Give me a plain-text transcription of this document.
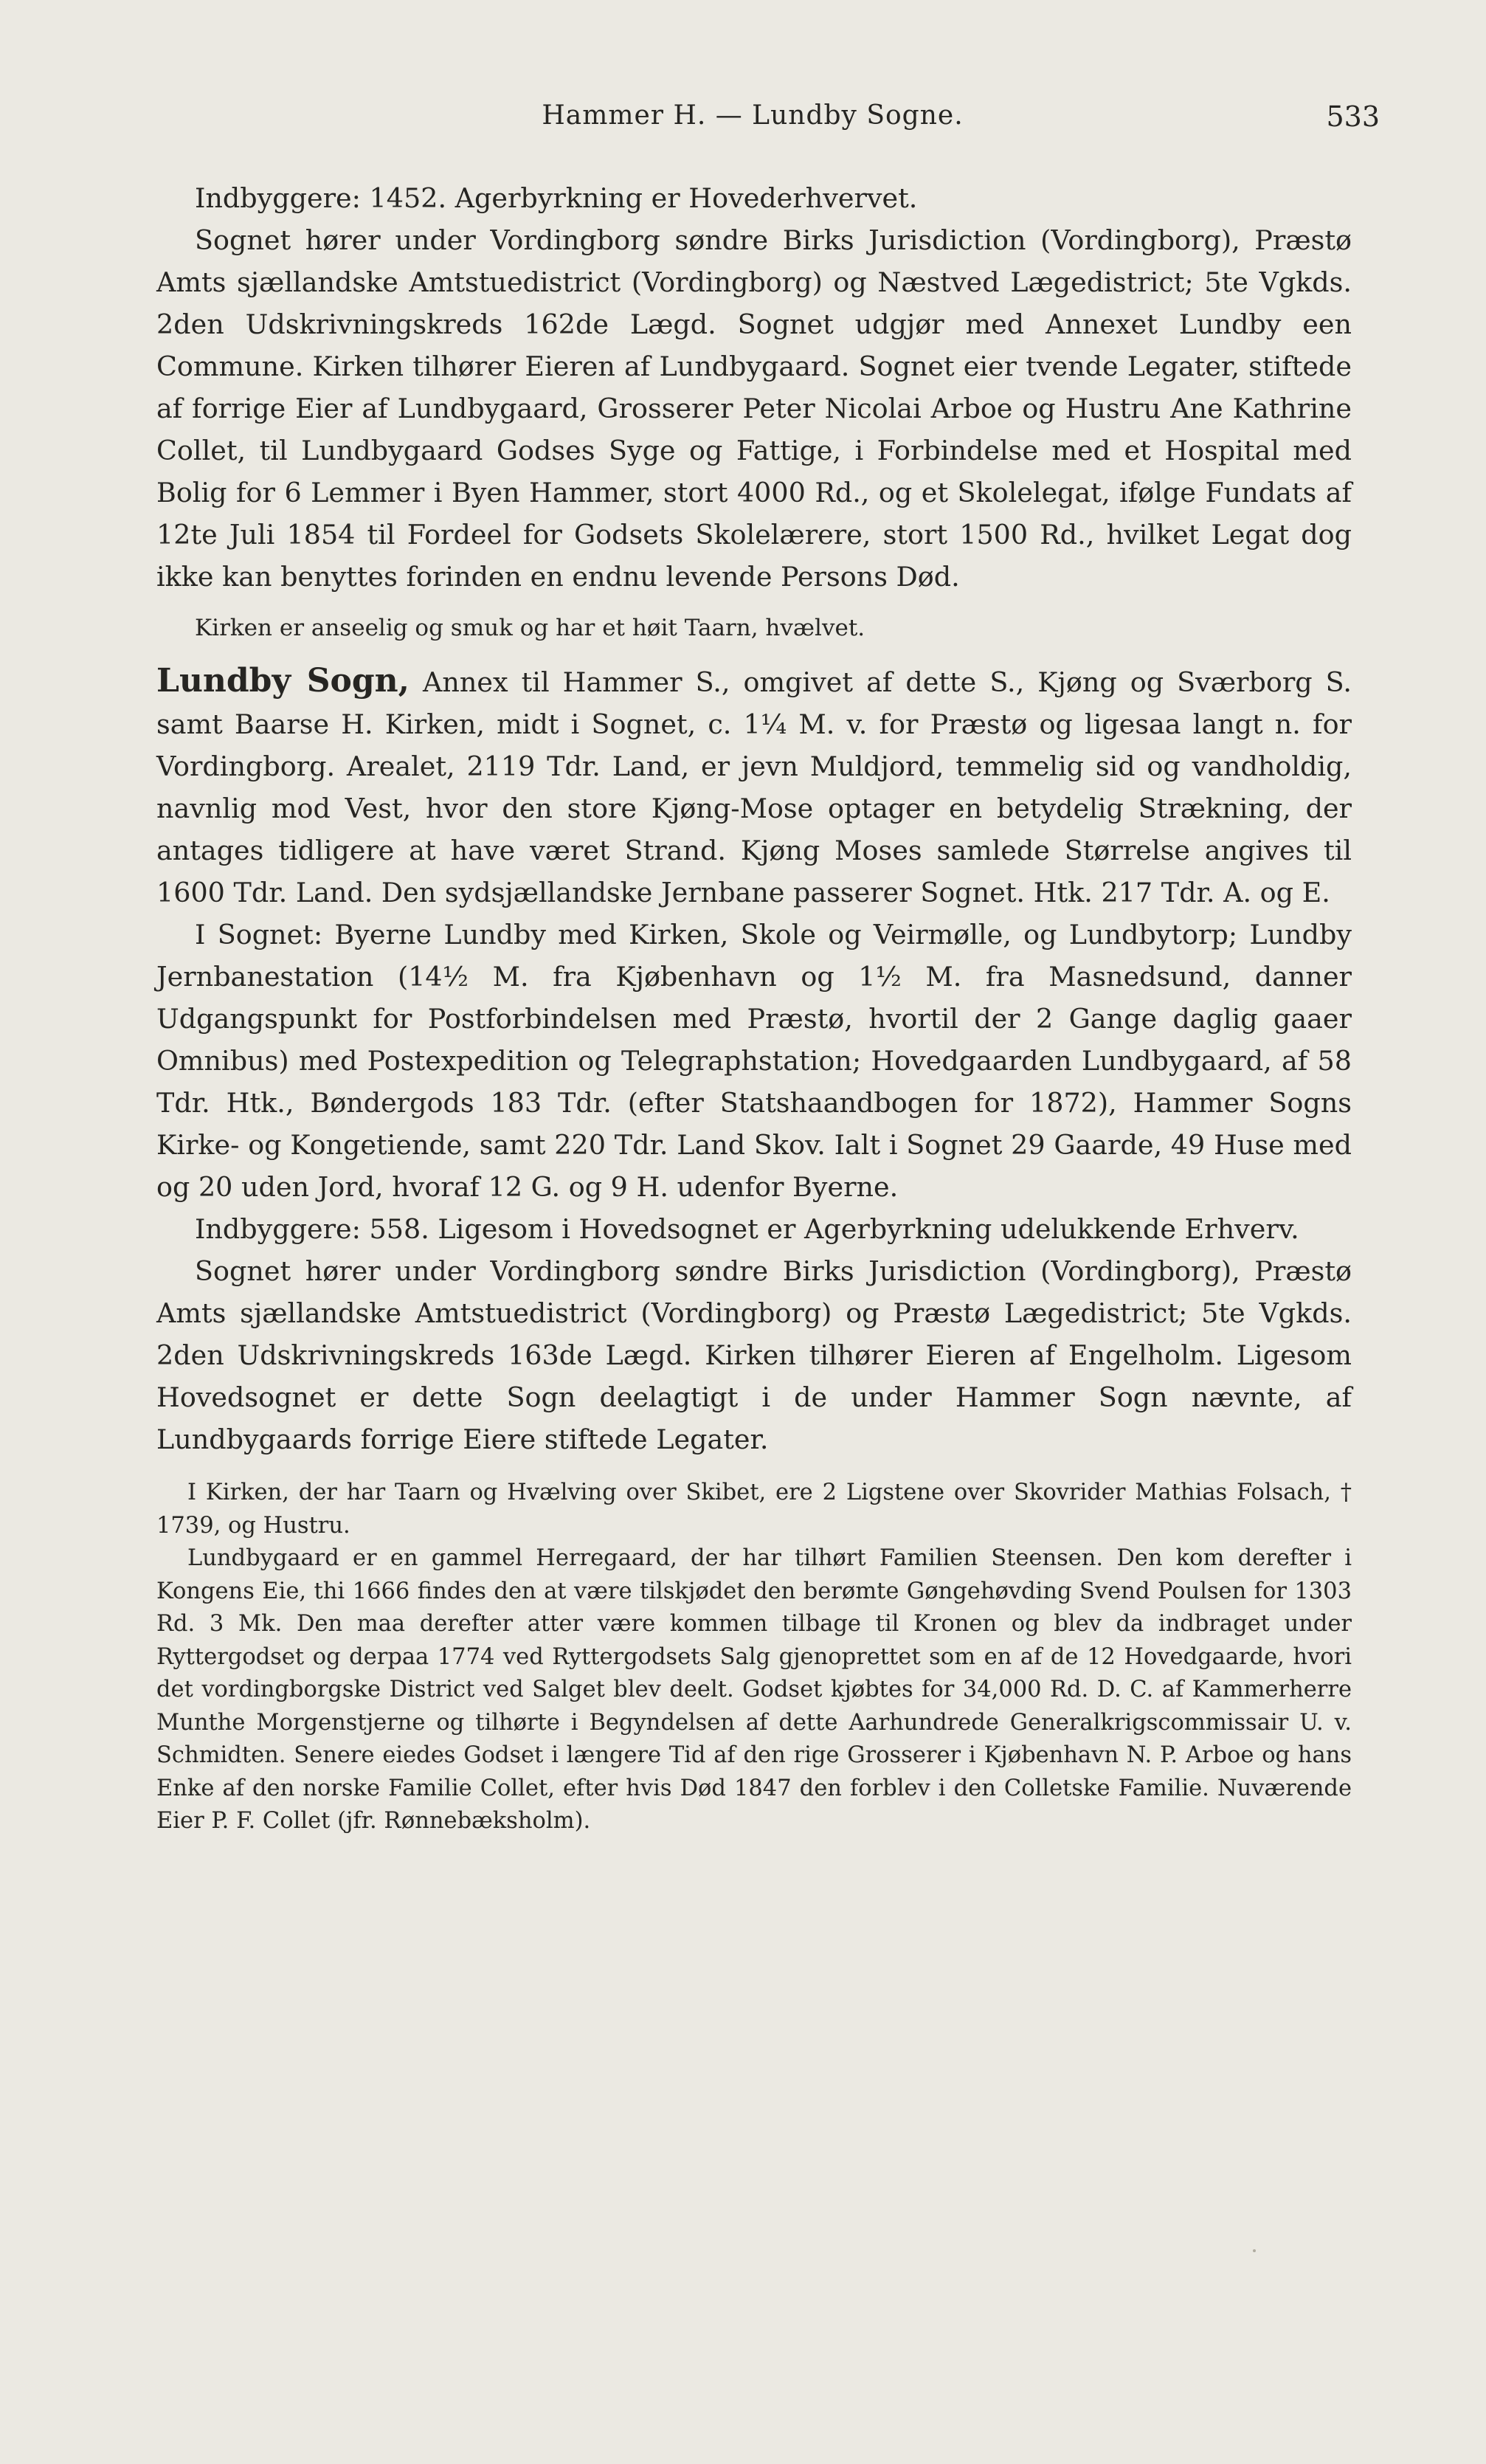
Hammer H. — Lundby Sogne.	533

Indbyggere: 1452. Agerbyrkning er Hovederhvervet.

Sognet hører under Vordingborg søndre Birks Jurisdiction (Vordingborg), Præstø Amts sjællandske Amtstuedistrict (Vordingborg) og Næstved Lægedistrict; 5te Vgkds. 2den Udskrivningskreds 162de Lægd. Sognet udgjør med Annexet Lundby een Commune. Kirken tilhører Eieren af Lundbygaard. Sognet eier tvende Legater, stiftede af forrige Eier af Lundbygaard, Grosserer Peter Nicolai Arboe og Hustru Ane Kathrine Collet, til Lundbygaard Godses Syge og Fattige, i Forbindelse med et Hospital med Bolig for 6 Lemmer i Byen Hammer, stort 4000 Rd., og et Skolelegat, ifølge Fundats af 12te Juli 1854 til Fordeel for Godsets Skolelærere, stort 1500 Rd., hvilket Legat dog ikke kan benyttes forinden en endnu levende Persons Død.

Kirken er anseelig og smuk og har et høit Taarn, hvælvet.

Lundby Sogn, Annex til Hammer S., omgivet af dette S., Kjøng og Sværborg S. samt Baarse H. Kirken, midt i Sognet, c. 1¼ M. v. for Præstø og ligesaa langt n. for Vordingborg. Arealet, 2119 Tdr. Land, er jevn Muldjord, temmelig sid og vandholdig, navnlig mod Vest, hvor den store Kjøng-Mose optager en betydelig Strækning, der antages tidligere at have været Strand. Kjøng Moses samlede Størrelse angives til 1600 Tdr. Land. Den sydsjællandske Jernbane passerer Sognet. Htk. 217 Tdr. A. og E.

I Sognet: Byerne Lundby med Kirken, Skole og Veirmølle, og Lundbytorp; Lundby Jernbanestation (14½ M. fra Kjøbenhavn og 1½ M. fra Masnedsund, danner Udgangspunkt for Postforbindelsen med Præstø, hvortil der 2 Gange daglig gaaer Omnibus) med Postexpedition og Telegraphstation; Hovedgaarden Lundbygaard, af 58 Tdr. Htk., Bøndergods 183 Tdr. (efter Statshaandbogen for 1872), Hammer Sogns Kirke- og Kongetiende, samt 220 Tdr. Land Skov. Ialt i Sognet 29 Gaarde, 49 Huse med og 20 uden Jord, hvoraf 12 G. og 9 H. udenfor Byerne.

Indbyggere: 558. Ligesom i Hovedsognet er Agerbyrkning udelukkende Erhverv.

Sognet hører under Vordingborg søndre Birks Jurisdiction (Vordingborg), Præstø Amts sjællandske Amtstuedistrict (Vordingborg) og Præstø Lægedistrict; 5te Vgkds. 2den Udskrivningskreds 163de Lægd. Kirken tilhører Eieren af Engelholm. Ligesom Hovedsognet er dette Sogn deelagtigt i de under Hammer Sogn nævnte, af Lundbygaards forrige Eiere stiftede Legater.

I Kirken, der har Taarn og Hvælving over Skibet, ere 2 Ligstene over Skovrider Mathias Folsach, † 1739, og Hustru.

Lundbygaard er en gammel Herregaard, der har tilhørt Familien Steensen. Den kom derefter i Kongens Eie, thi 1666 findes den at være tilskjødet den berømte Gøngehøvding Svend Poulsen for 1303 Rd. 3 Mk. Den maa derefter atter være kommen tilbage til Kronen og blev da indbraget under Ryttergodset og derpaa 1774 ved Ryttergodsets Salg gjenoprettet som en af de 12 Hovedgaarde, hvori det vordingborgske District ved Salget blev deelt. Godset kjøbtes for 34,000 Rd. D. C. af Kammerherre Munthe Morgenstjerne og tilhørte i Begyndelsen af dette Aarhundrede Generalkrigscommissair U. v. Schmidten. Senere eiedes Godset i længere Tid af den rige Grosserer i Kjøbenhavn N. P. Arboe og hans Enke af den norske Familie Collet, efter hvis Død 1847 den forblev i den Colletske Familie. Nuværende Eier P. F. Collet (jfr. Rønnebæksholm).
